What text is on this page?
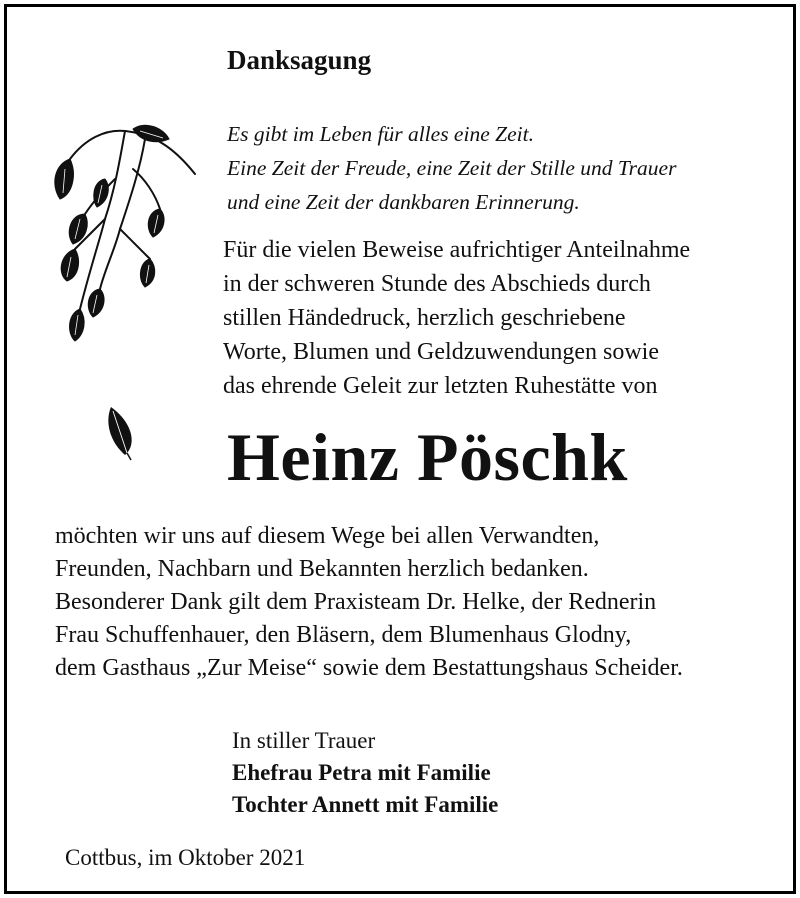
Danksagung
Es gibt im Leben für alles eine Zeit.
Eine Zeit der Freude, eine Zeit der Stille und Trauer
und eine Zeit der dankbaren Erinnerung.
Für die vielen Beweise aufrichtiger Anteilnahme
in der schweren Stunde des Abschieds durch
stillen Händedruck, herzlich geschriebene
Worte, Blumen und Geldzuwendungen sowie
das ehrende Geleit zur letzten Ruhestätte von
Heinz Pöschk
möchten wir uns auf diesem Wege bei allen Verwandten,
Freunden, Nachbarn und Bekannten herzlich bedanken.
Besonderer Dank gilt dem Praxisteam Dr. Helke, der Rednerin
Frau Schuffenhauer, den Bläsern, dem Blumenhaus Glodny,
dem Gasthaus „Zur Meise“ sowie dem Bestattungshaus Scheider.
In stiller Trauer
Ehefrau Petra mit Familie
Tochter Annett mit Familie
Cottbus, im Oktober 2021
